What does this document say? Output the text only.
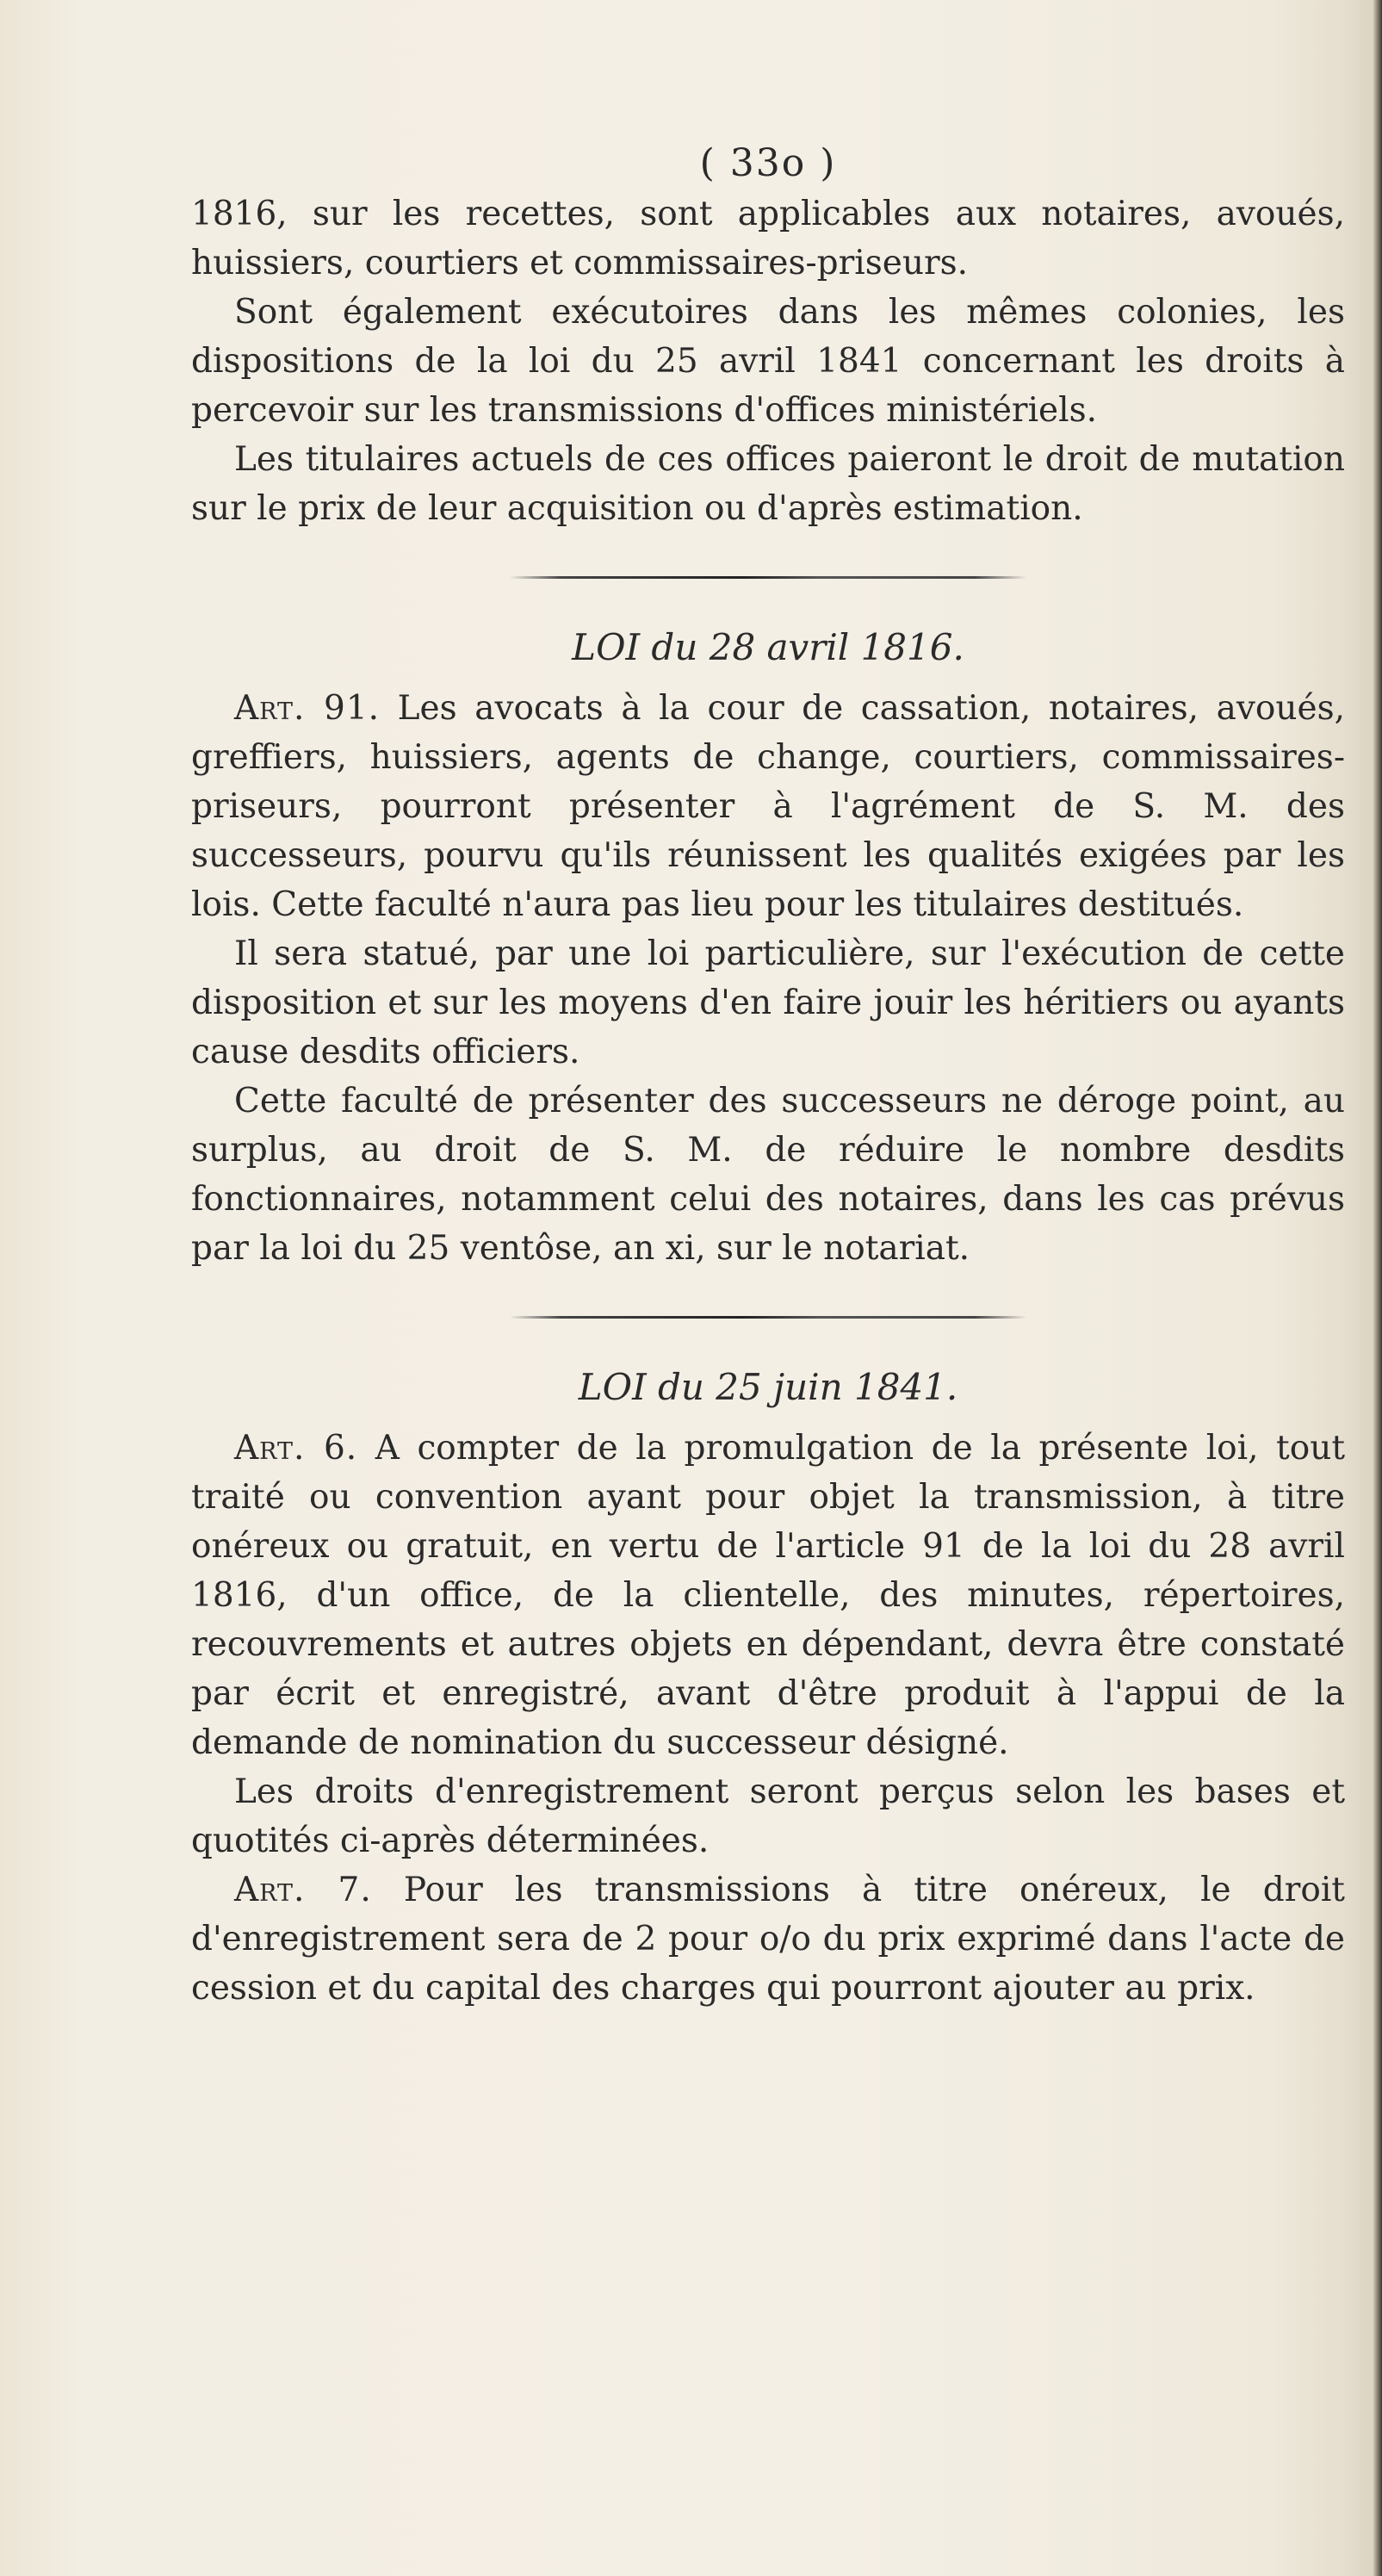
( 33o )

1816, sur les recettes, sont applicables aux notaires, avoués, huissiers, courtiers et commissaires-priseurs.

Sont également exécutoires dans les mêmes colonies, les dispositions de la loi du 25 avril 1841 concernant les droits à percevoir sur les transmissions d'offices ministériels.

Les titulaires actuels de ces offices paieront le droit de mutation sur le prix de leur acquisition ou d'après estimation.

LOI du 28 avril 1816.

Art. 91. Les avocats à la cour de cassation, notaires, avoués, greffiers, huissiers, agents de change, courtiers, commissaires-priseurs, pourront présenter à l'agrément de S. M. des successeurs, pourvu qu'ils réunissent les qualités exigées par les lois. Cette faculté n'aura pas lieu pour les titulaires destitués.

Il sera statué, par une loi particulière, sur l'exécution de cette disposition et sur les moyens d'en faire jouir les héritiers ou ayants cause desdits officiers.

Cette faculté de présenter des successeurs ne déroge point, au surplus, au droit de S. M. de réduire le nombre desdits fonctionnaires, notamment celui des notaires, dans les cas prévus par la loi du 25 ventôse, an xi, sur le notariat.

LOI du 25 juin 1841.

Art. 6. A compter de la promulgation de la présente loi, tout traité ou convention ayant pour objet la transmission, à titre onéreux ou gratuit, en vertu de l'article 91 de la loi du 28 avril 1816, d'un office, de la clientelle, des minutes, répertoires, recouvrements et autres objets en dépendant, devra être constaté par écrit et enregistré, avant d'être produit à l'appui de la demande de nomination du successeur désigné.

Les droits d'enregistrement seront perçus selon les bases et quotités ci-après déterminées.

Art. 7. Pour les transmissions à titre onéreux, le droit d'enregistrement sera de 2 pour o/o du prix exprimé dans l'acte de cession et du capital des charges qui pourront ajouter au prix.
